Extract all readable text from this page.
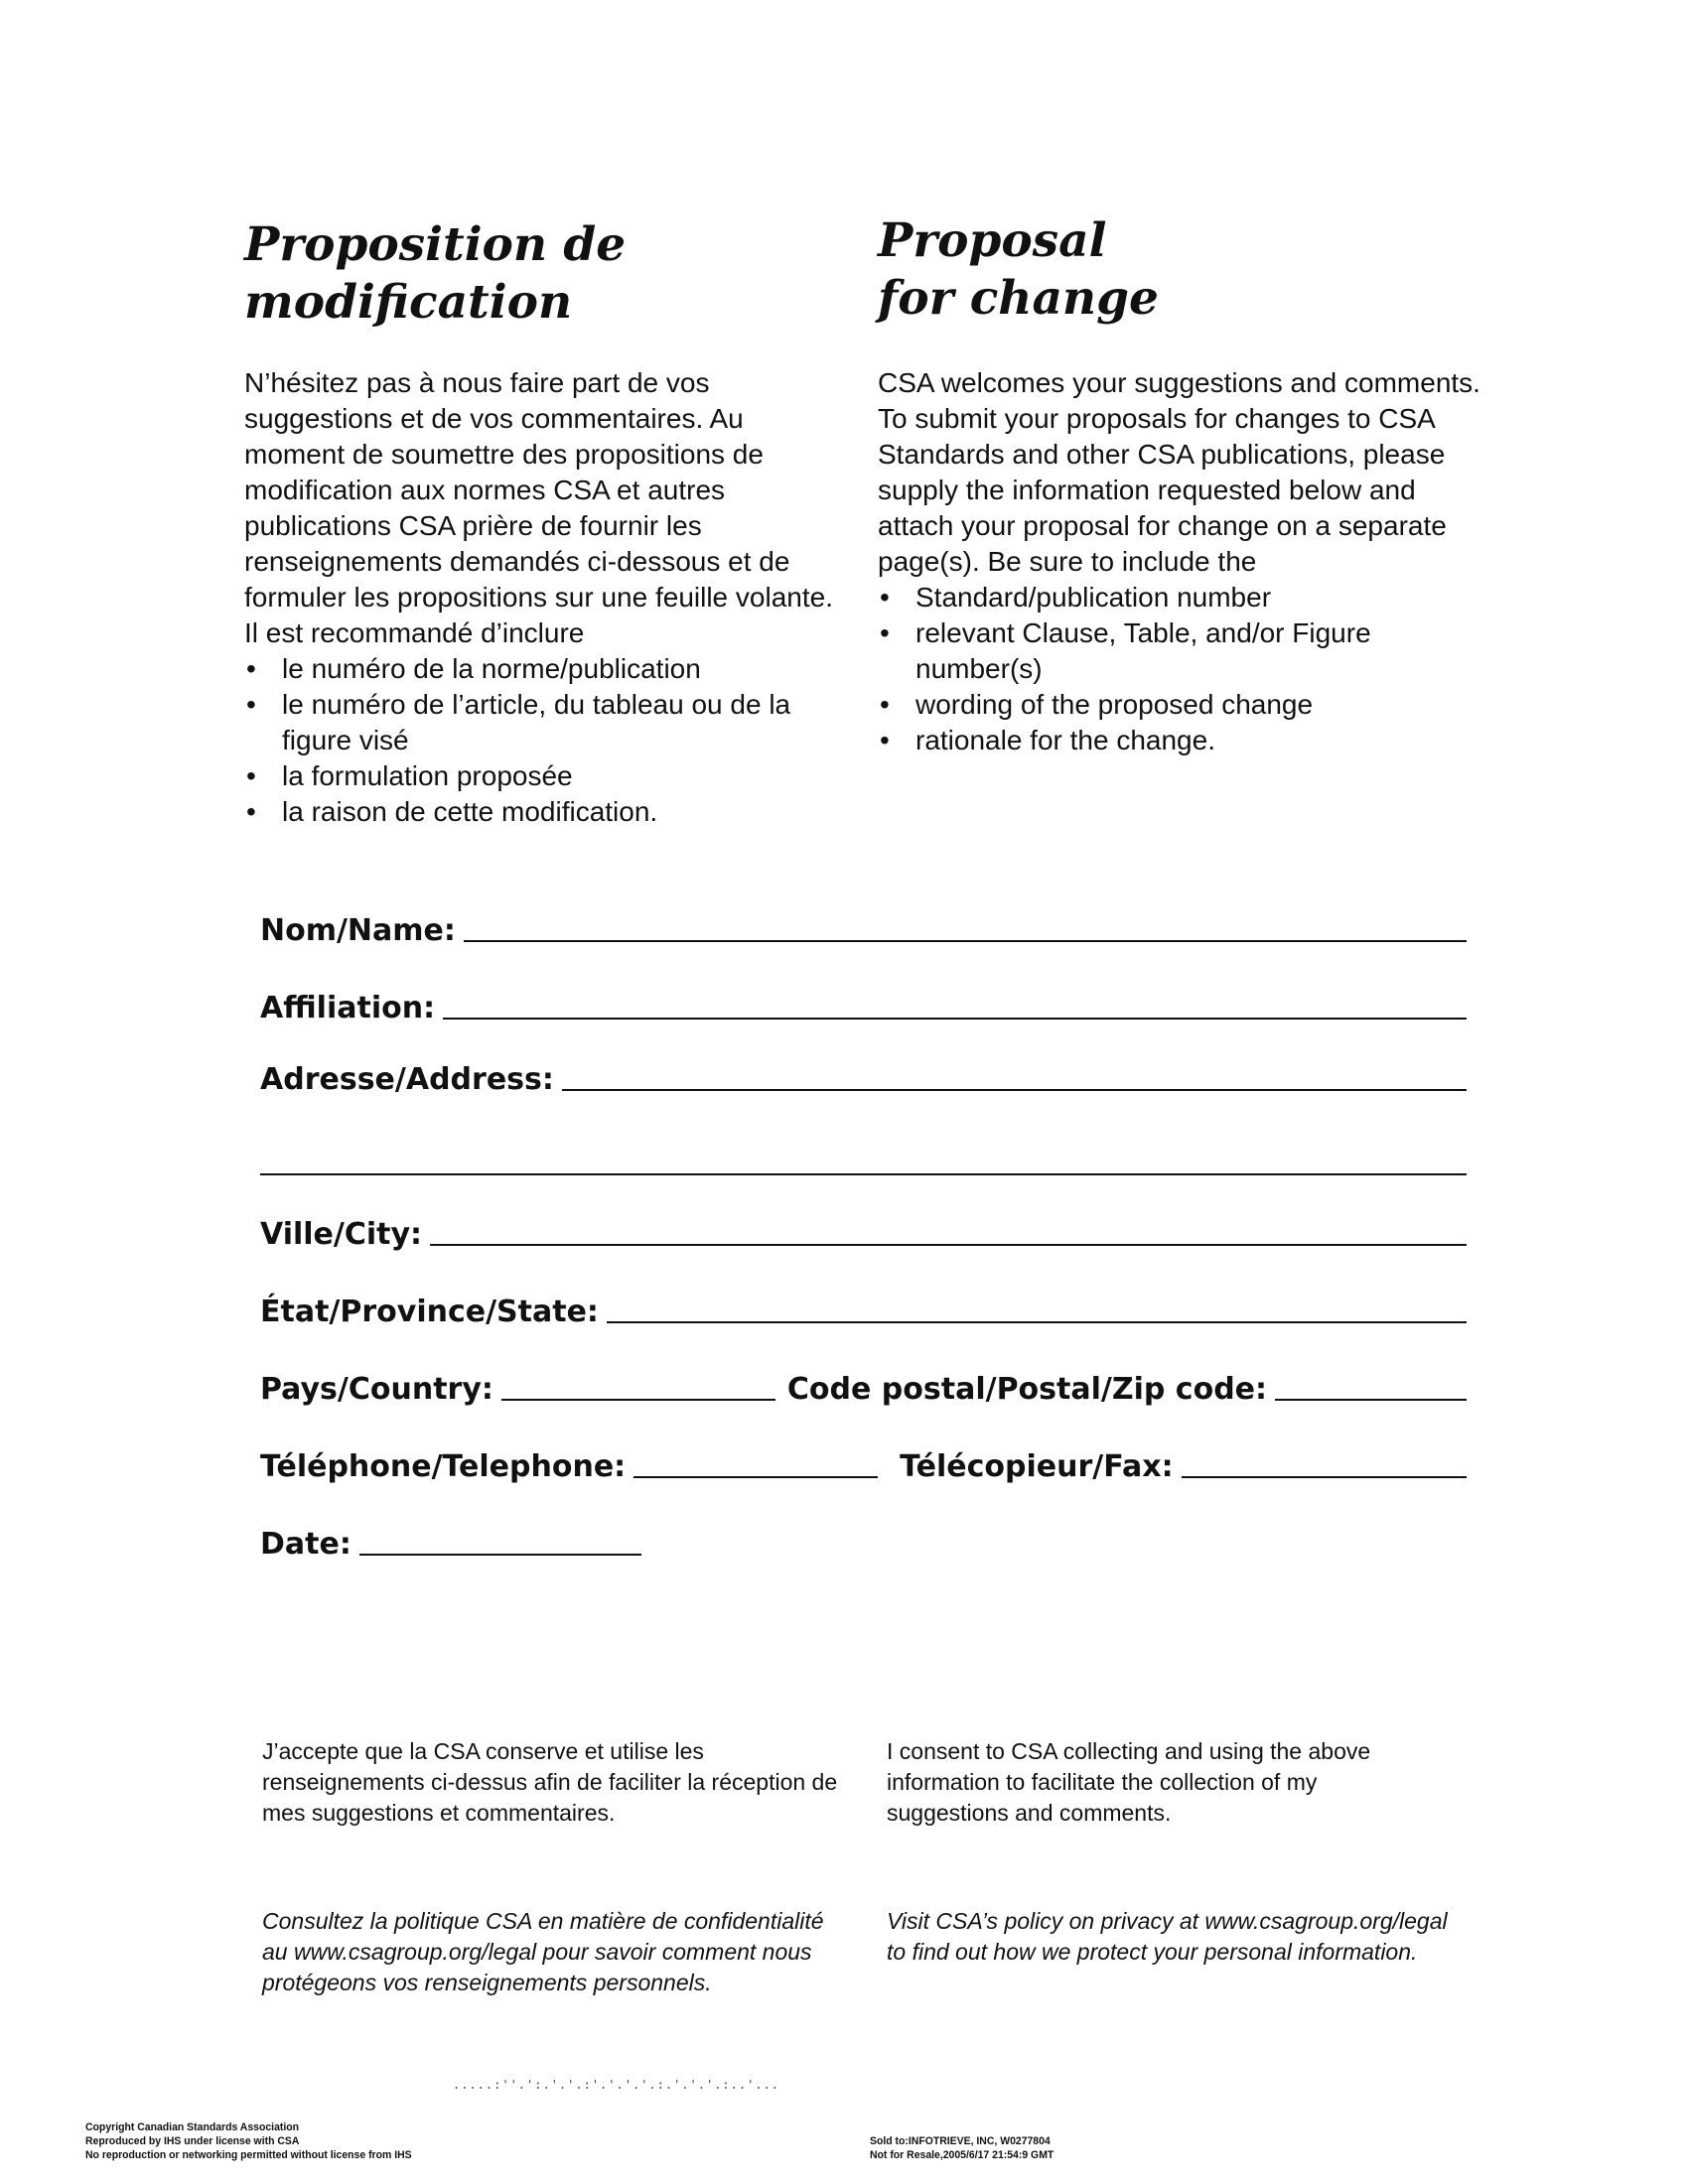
Proposition de
modification

N’hésitez pas à nous faire part de vos suggestions et de vos commentaires. Au moment de soumettre des propositions de modification aux normes CSA et autres publications CSA prière de fournir les renseignements demandés ci-dessous et de formuler les propositions sur une feuille volante. Il est recommandé d’inclure

• le numéro de la norme/publication
• le numéro de l’article, du tableau ou de la figure visé
• la formulation proposée
• la raison de cette modification.
Proposal
for change

CSA welcomes your suggestions and comments. To submit your proposals for changes to CSA Standards and other CSA publications, please supply the information requested below and attach your proposal for change on a separate page(s). Be sure to include the

• Standard/publication number
• relevant Clause, Table, and/or Figure number(s)
• wording of the proposed change
• rationale for the change.
Nom/Name:
Affiliation:
Adresse/Address:
Ville/City:
État/Province/State:
Pays/Country:	Code postal/Postal/Zip code:
Téléphone/Telephone:	Télécopieur/Fax:
Date:

J’accepte que la CSA conserve et utilise les renseignements ci-dessus afin de faciliter la réception de mes suggestions et commentaires.

I consent to CSA collecting and using the above information to facilitate the collection of my suggestions and comments.

Consultez la politique CSA en matière de confidentialité au www.csagroup.org/legal pour savoir comment nous protégeons vos renseignements personnels.

Visit CSA’s policy on privacy at www.csagroup.org/legal to find out how we protect your personal information.

.....:''.':.'.'.:'.'.'.'.:.'.'.'.:..'...
Copyright Canadian Standards Association
Reproduced by IHS under license with CSA
No reproduction or networking permitted without license from IHS
Sold to:INFOTRIEVE, INC, W0277804
Not for Resale,2005/6/17 21:54:9 GMT
